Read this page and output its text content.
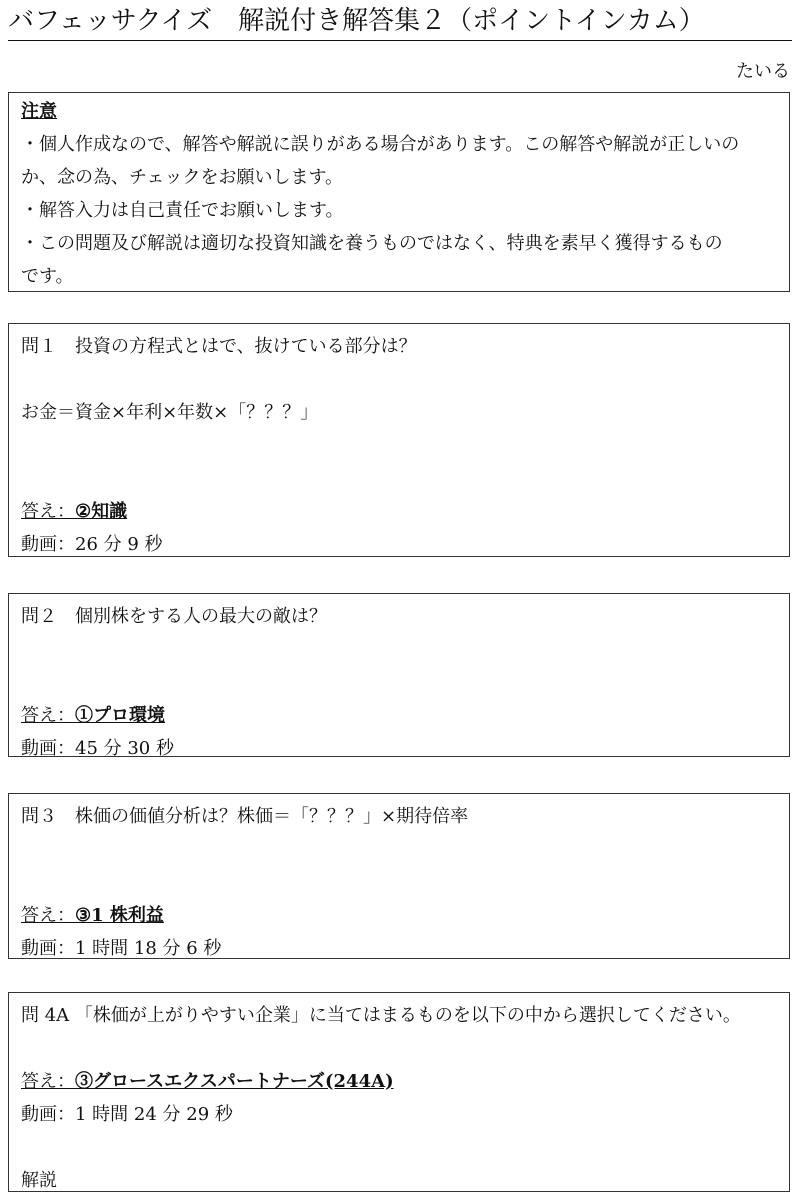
バフェッサクイズ　解説付き解答集２（ポイントインカム）
たいる

注意

・個人作成なので、解答や解説に誤りがある場合があります。この解答や解説が正しいの

か、念の為、チェックをお願いします。

・解答入力は自己責任でお願いします。

・この問題及び解説は適切な投資知識を養うものではなく、特典を素早く獲得するもの

です。

問１　投資の方程式とはで、抜けている部分は？

お金＝資金×年利×年数×「？？？」

答え：②知識

動画：26 分 9 秒

問２　個別株をする人の最大の敵は？

答え：①プロ環境

動画：45 分 30 秒

問３　株価の価値分析は？株価＝「？？？」×期待倍率

答え：③1 株利益

動画：1 時間 18 分 6 秒

問 4A 「株価が上がりやすい企業」に当てはまるものを以下の中から選択してください。

答え：③グロースエクスパートナーズ(244A)

動画：1 時間 24 分 29 秒

解説
